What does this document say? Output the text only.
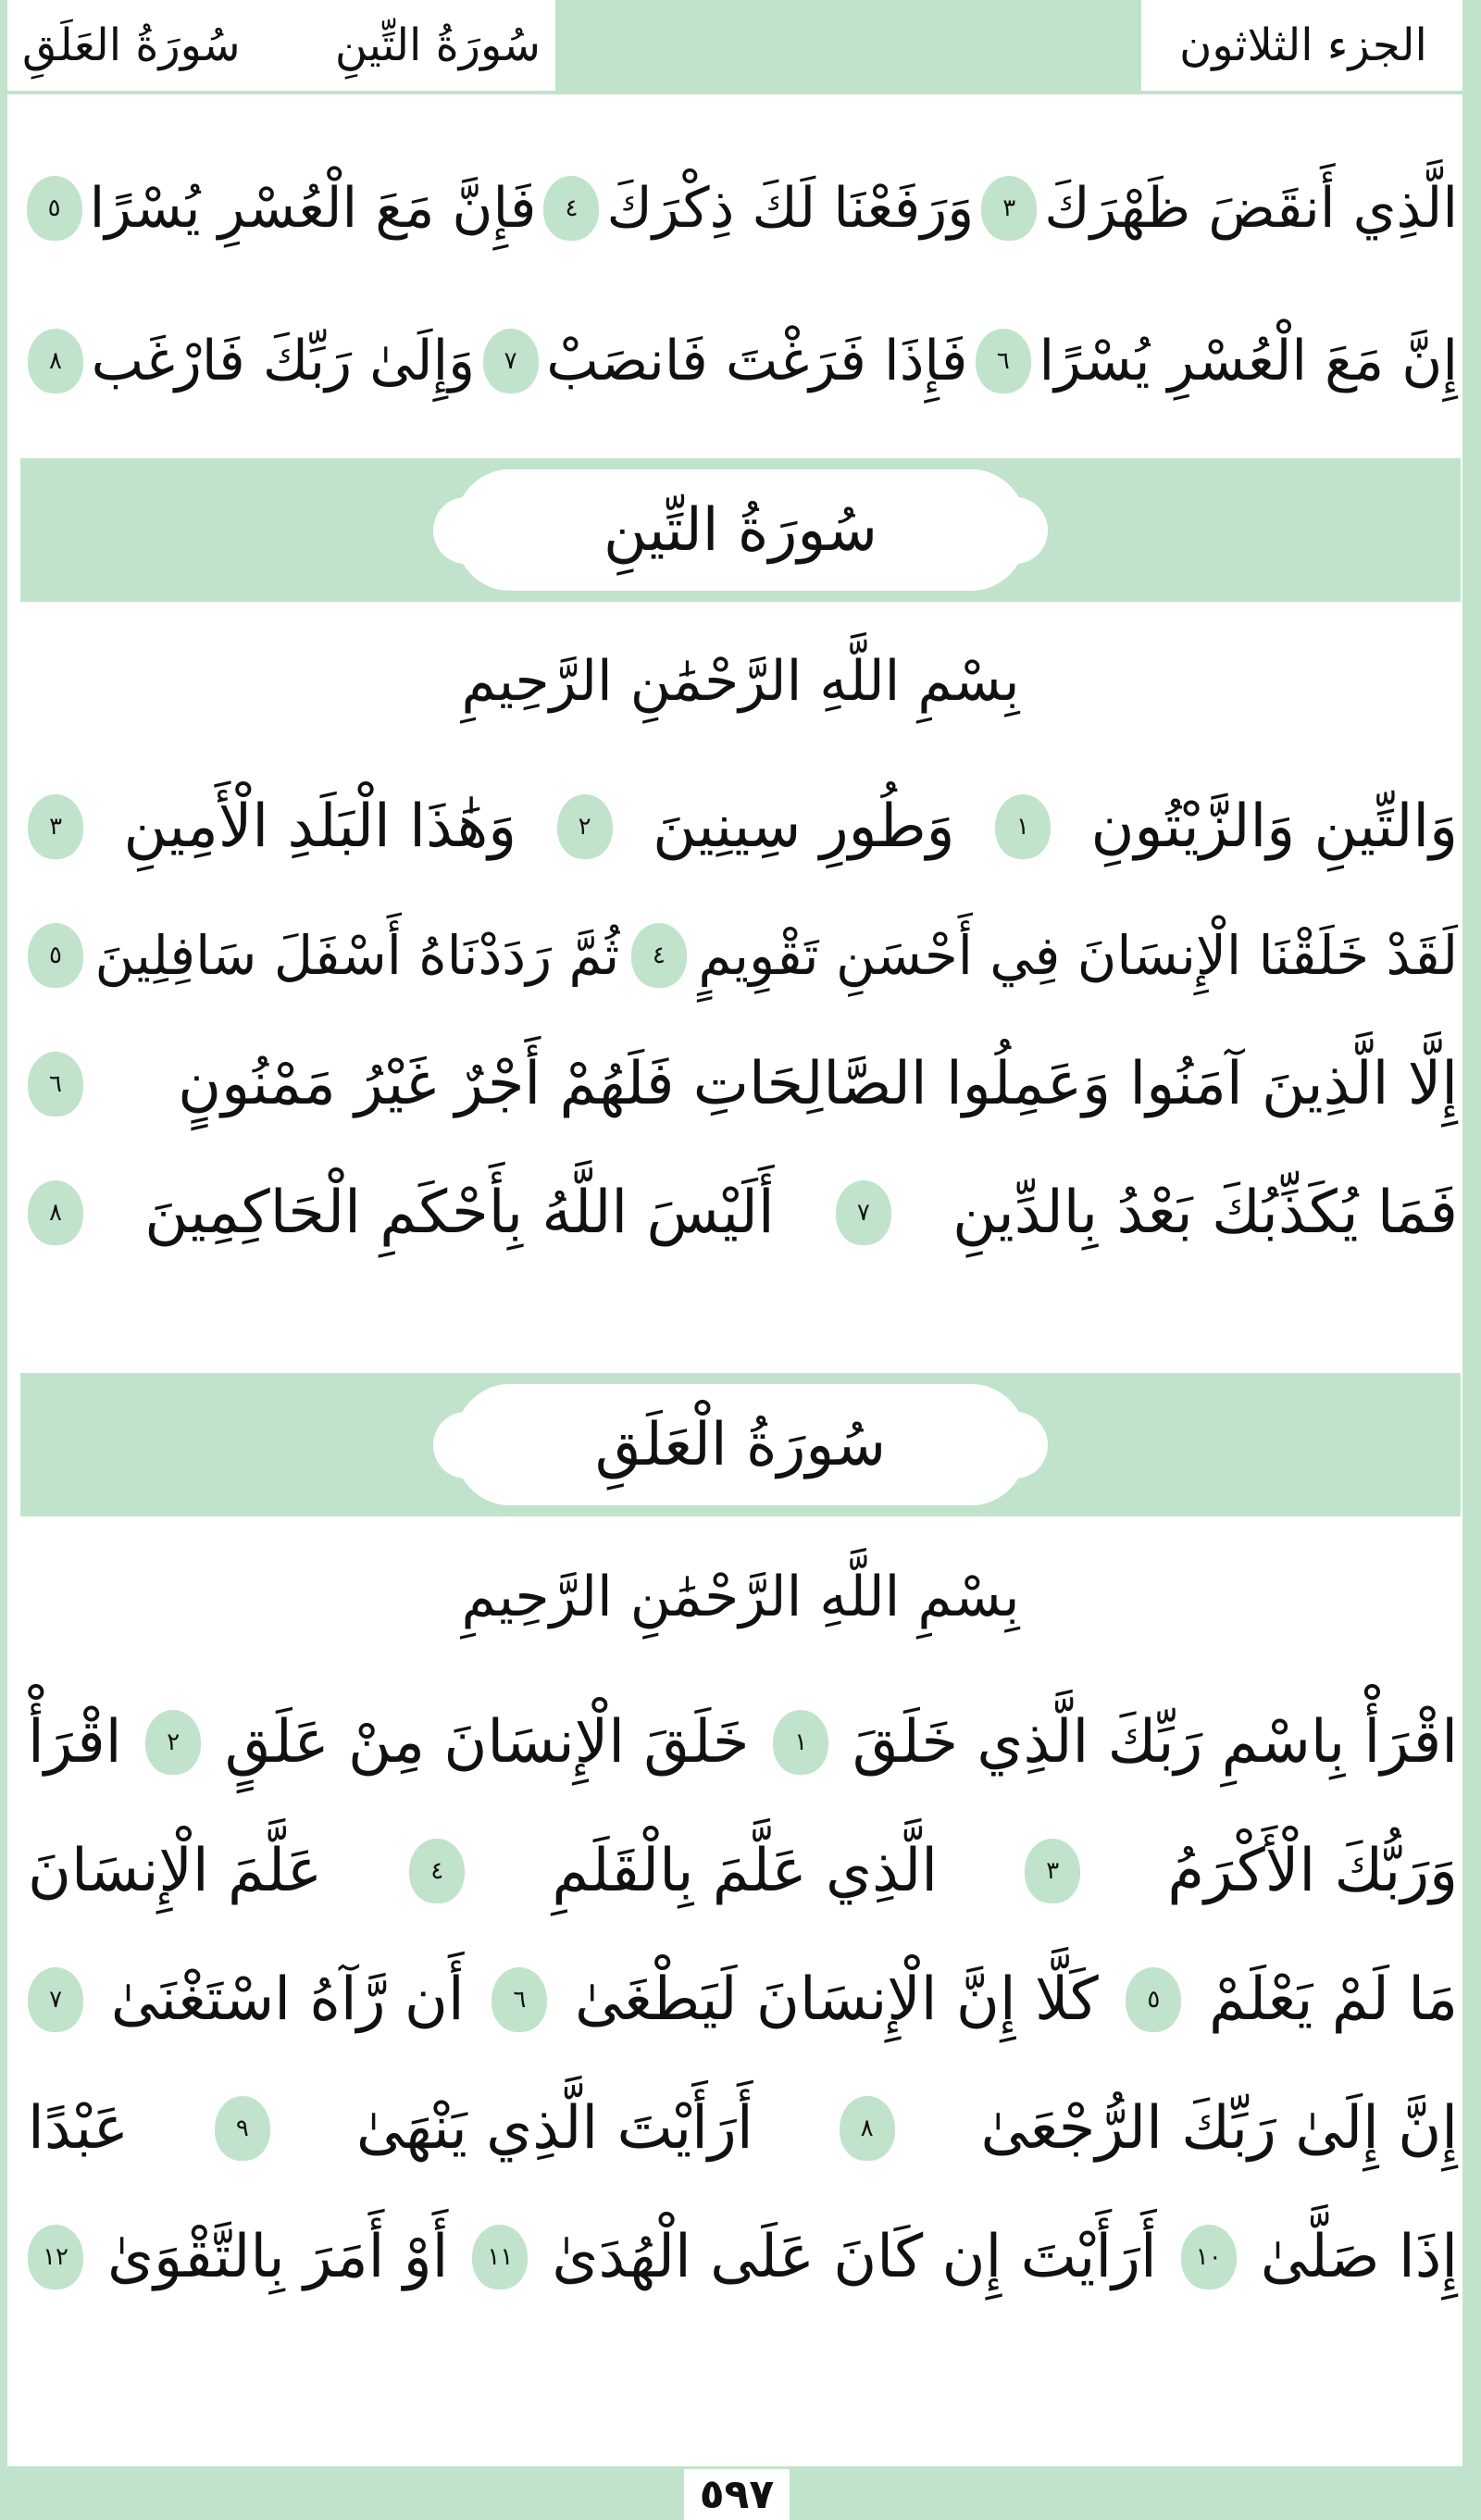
سُورَةُ التِّينِ
سُورَةُ العَلَقِ	الجزء الثلاثون
الَّذِي أَنقَضَ ظَهْرَكَ
٣
وَرَفَعْنَا لَكَ ذِكْرَكَ
٤
فَإِنَّ مَعَ الْعُسْرِ يُسْرًا
٥
إِنَّ مَعَ الْعُسْرِ يُسْرًا
٦
فَإِذَا فَرَغْتَ فَانصَبْ
٧
وَإِلَىٰ رَبِّكَ فَارْغَب
٨
سُورَةُ التِّينِ
بِسْمِ اللَّهِ الرَّحْمَٰنِ الرَّحِيمِ
وَالتِّينِ وَالزَّيْتُونِ
١
وَطُورِ سِينِينَ
٢
وَهَٰذَا الْبَلَدِ الْأَمِينِ
٣
لَقَدْ خَلَقْنَا الْإِنسَانَ فِي أَحْسَنِ تَقْوِيمٍ
٤
ثُمَّ رَدَدْنَاهُ أَسْفَلَ سَافِلِينَ
٥
إِلَّا الَّذِينَ آمَنُوا وَعَمِلُوا الصَّالِحَاتِ فَلَهُمْ أَجْرٌ غَيْرُ مَمْنُونٍ
٦
فَمَا يُكَذِّبُكَ بَعْدُ بِالدِّينِ
٧
أَلَيْسَ اللَّهُ بِأَحْكَمِ الْحَاكِمِينَ
٨
سُورَةُ الْعَلَقِ
بِسْمِ اللَّهِ الرَّحْمَٰنِ الرَّحِيمِ
اقْرَأْ بِاسْمِ رَبِّكَ الَّذِي خَلَقَ
١
خَلَقَ الْإِنسَانَ مِنْ عَلَقٍ
٢
اقْرَأْ
وَرَبُّكَ الْأَكْرَمُ
٣
الَّذِي عَلَّمَ بِالْقَلَمِ
٤
عَلَّمَ الْإِنسَانَ
مَا لَمْ يَعْلَمْ
٥
كَلَّا إِنَّ الْإِنسَانَ لَيَطْغَىٰ
٦
أَن رَّآهُ اسْتَغْنَىٰ
٧
إِنَّ إِلَىٰ رَبِّكَ الرُّجْعَىٰ
٨
أَرَأَيْتَ الَّذِي يَنْهَىٰ
٩
عَبْدًا
إِذَا صَلَّىٰ
١٠
أَرَأَيْتَ إِن كَانَ عَلَى الْهُدَىٰ
١١
أَوْ أَمَرَ بِالتَّقْوَىٰ
١٢
٥٩٧
